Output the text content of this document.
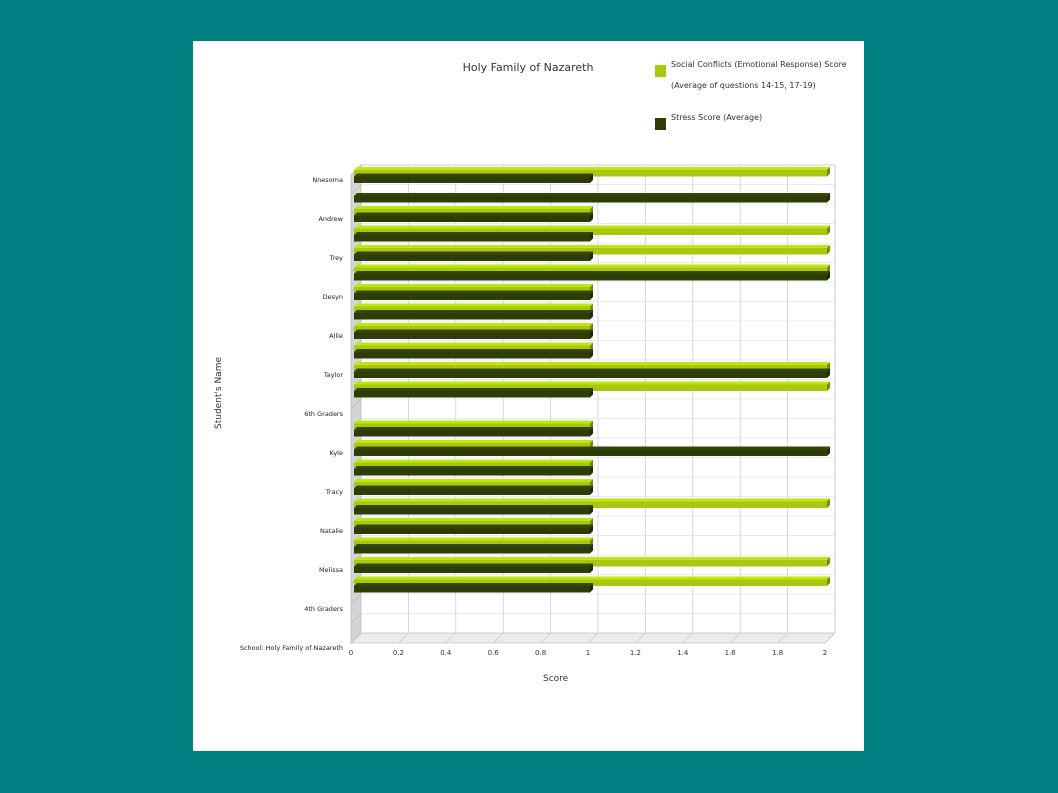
0	0.2	0.4	0.6	0.8	1	1.2	1.4	1.6	1.8	2
Nnesoma
Andrew
Trey
Desyn
Allie
Taylor
6th Graders
Kyle
Tracy
Natalie
Melissa
4th Graders
School: Holy Family of Nazareth
Holy Family of Nazareth	Social Conflicts (Emotional Response) Score
(Average of questions 14-15, 17-19)
Stress Score (Average)
Student's Name
Score
